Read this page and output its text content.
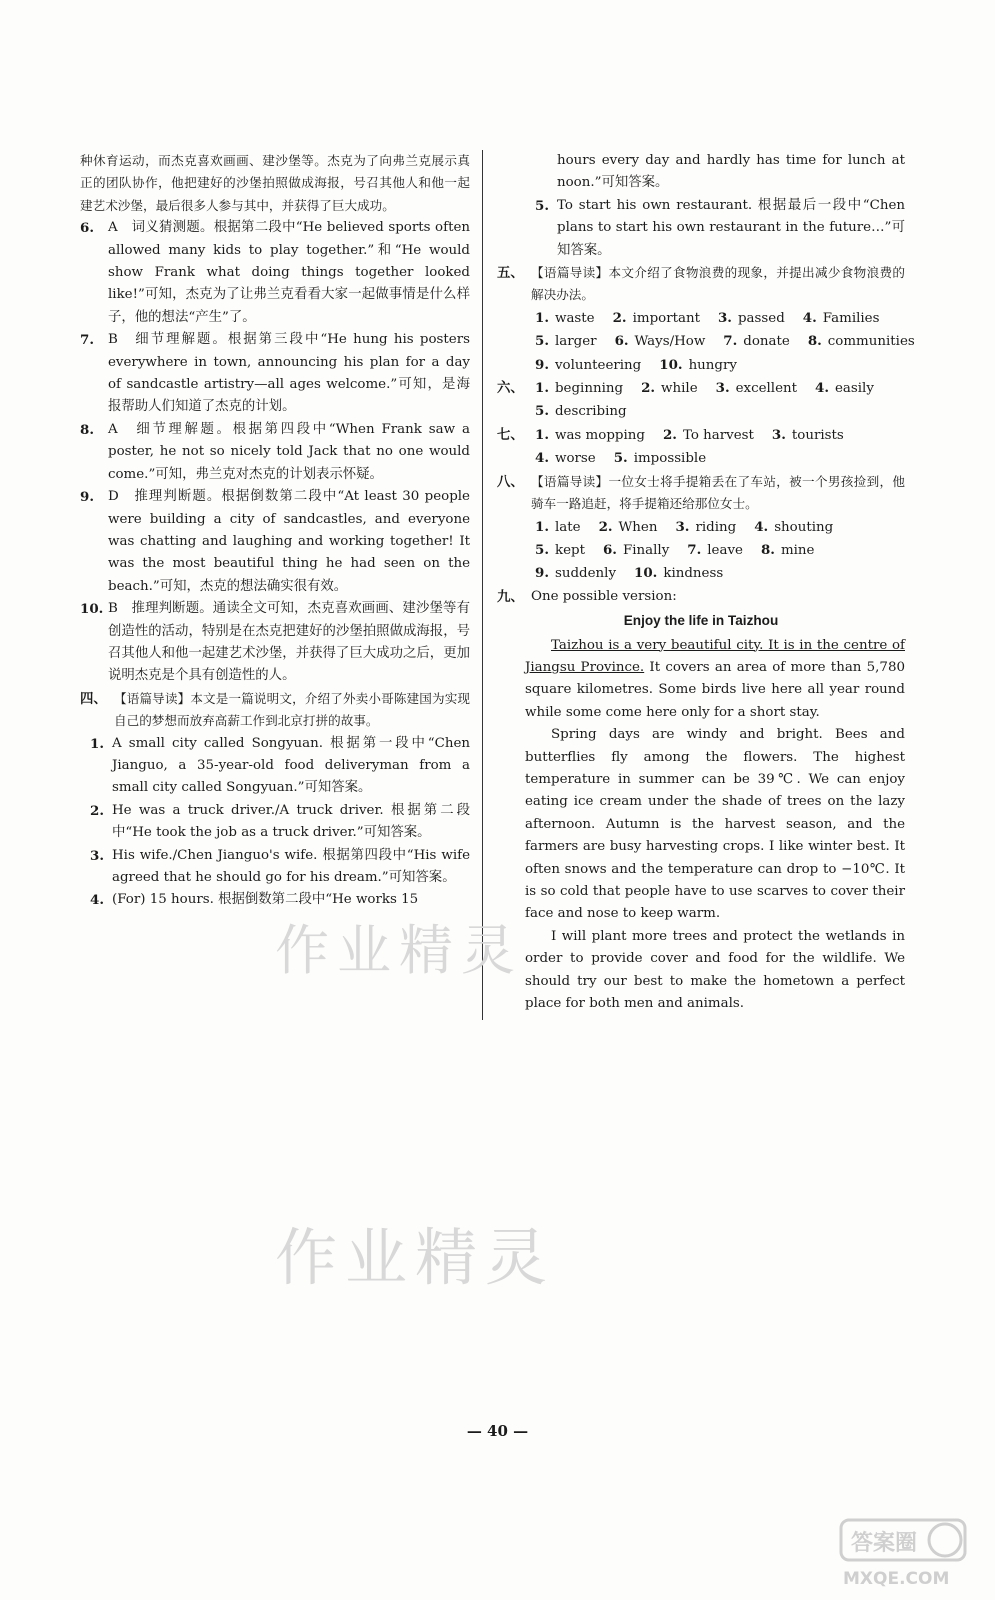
种休育运动，而杰克喜欢画画、建沙堡等。杰克为了向弗兰克展示真正的团队协作，他把建好的沙堡拍照做成海报，号召其他人和他一起建艺术沙堡，最后很多人参与其中，并获得了巨大成功。
6.	A　词义猜测题。根据第二段中“He believed sports often allowed many kids to play together.”和“He would show Frank what doing things together looked like!”可知，杰克为了让弗兰克看看大家一起做事情是什么样子，他的想法“产生”了。
7.	B　细节理解题。根据第三段中“He hung his posters everywhere in town, announcing his plan for a day of sandcastle artistry—all ages welcome.”可知，是海报帮助人们知道了杰克的计划。
8.	A　细节理解题。根据第四段中“When Frank saw a poster, he not so nicely told Jack that no one would come.”可知，弗兰克对杰克的计划表示怀疑。
9.	D　推理判断题。根据倒数第二段中“At least 30 people were building a city of sandcastles, and everyone was chatting and laughing and working together! It was the most beautiful thing he had seen on the beach.”可知，杰克的想法确实很有效。
10. B　推理判断题。通读全文可知，杰克喜欢画画、建沙堡等有创造性的活动，特别是在杰克把建好的沙堡拍照做成海报，号召其他人和他一起建艺术沙堡，并获得了巨大成功之后，更加说明杰克是个具有创造性的人。
四、 【语篇导读】本文是一篇说明文，介绍了外卖小哥陈建国为实现自己的梦想而放弃高薪工作到北京打拼的故事。
1. A small city called Songyuan. 根据第一段中“Chen Jianguo, a 35-year-old food deliveryman from a small city called Songyuan.”可知答案。
2. He was a truck driver./A truck driver. 根据第二段中“He took the job as a truck driver.”可知答案。
3. His wife./Chen Jianguo's wife. 根据第四段中“His wife agreed that he should go for his dream.”可知答案。
4. (For) 15 hours. 根据倒数第二段中“He works 15
hours every day and hardly has time for lunch at noon.”可知答案。
5. To start his own restaurant. 根据最后一段中“Chen plans to start his own restaurant in the future…”可知答案。
五、 【语篇导读】本文介绍了食物浪费的现象，并提出减少食物浪费的解决办法。
1. waste 2. important 3. passed 4. Families
5. larger 6. Ways/How 7. donate 8. communities
9. volunteering 10. hungry
六、 1. beginning 2. while 3. excellent 4. easily
5. describing
七、 1. was mopping 2. To harvest 3. tourists
4. worse 5. impossible
八、 【语篇导读】一位女士将手提箱丢在了车站，被一个男孩捡到，他骑车一路追赶，将手提箱还给那位女士。
1. late 2. When 3. riding 4. shouting
5. kept 6. Finally 7. leave 8. mine
9. suddenly 10. kindness
九、 One possible version:
Enjoy the life in Taizhou

Taizhou is a very beautiful city. It is in the centre of Jiangsu Province. It covers an area of more than 5,780 square kilometres. Some birds live here all year round while some come here only for a short stay.

Spring days are windy and bright. Bees and butterflies fly among the flowers. The highest temperature in summer can be 39℃. We can enjoy eating ice cream under the shade of trees on the lazy afternoon. Autumn is the harvest season, and the farmers are busy harvesting crops. I like winter best. It often snows and the temperature can drop to −10℃. It is so cold that people have to use scarves to cover their face and nose to keep warm.

I will plant more trees and protect the wetlands in order to provide cover and food for the wildlife. We should try our best to make the hometown a perfect place for both men and animals.

作业精灵
作业精灵
— 40 —
答案圈
MXQE.COM
